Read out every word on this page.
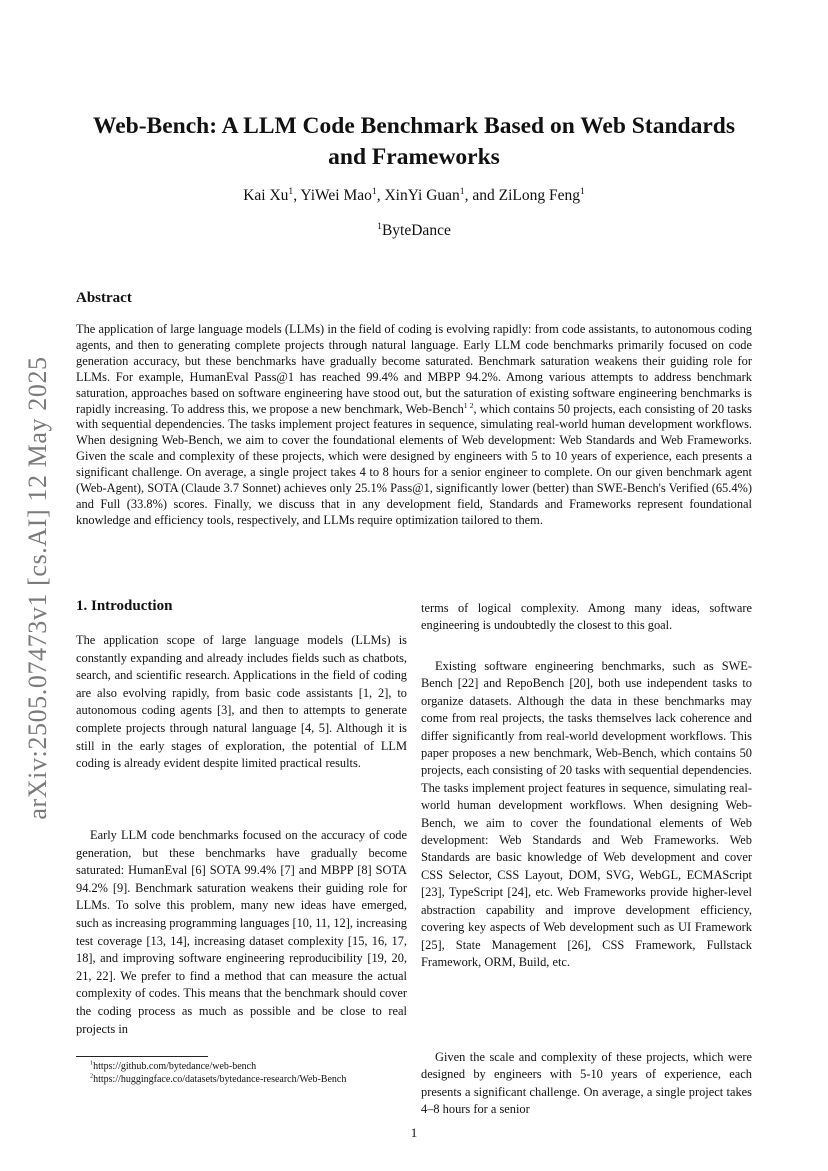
arXiv:2505.07473v1 [cs.AI] 12 May 2025
Web-Bench: A LLM Code Benchmark Based on Web Standards and Frameworks
Kai Xu$^1$, YiWei Mao$^1$, XinYi Guan$^1$, and ZiLong Feng$^1$
$^1$ByteDance
Abstract
The application of large language models (LLMs) in the field of coding is evolving rapidly: from code assistants, to autonomous coding agents, and then to generating complete projects through natural language. Early LLM code benchmarks primarily focused on code generation accuracy, but these benchmarks have gradually become saturated. Benchmark saturation weakens their guiding role for LLMs. For example, HumanEval Pass@1 has reached 99.4% and MBPP 94.2%. Among various attempts to address benchmark saturation, approaches based on software engineering have stood out, but the saturation of existing software engineering benchmarks is rapidly increasing. To address this, we propose a new benchmark, Web-Bench$^{1 2}$, which contains 50 projects, each consisting of 20 tasks with sequential dependencies. The tasks implement project features in sequence, simulating real-world human development workflows. When designing Web-Bench, we aim to cover the foundational elements of Web development: Web Standards and Web Frameworks. Given the scale and complexity of these projects, which were designed by engineers with 5 to 10 years of experience, each presents a significant challenge. On average, a single project takes 4 to 8 hours for a senior engineer to complete. On our given benchmark agent (Web-Agent), SOTA (Claude 3.7 Sonnet) achieves only 25.1% Pass@1, significantly lower (better) than SWE-Bench's Verified (65.4%) and Full (33.8%) scores. Finally, we discuss that in any development field, Standards and Frameworks represent foundational knowledge and efficiency tools, respectively, and LLMs require optimization tailored to them.
1. Introduction

The application scope of large language models (LLMs) is constantly expanding and already includes fields such as chatbots, search, and scientific research. Applications in the field of coding are also evolving rapidly, from basic code assistants [1, 2], to autonomous coding agents [3], and then to attempts to generate complete projects through natural language [4, 5]. Although it is still in the early stages of exploration, the potential of LLM coding is already evident despite limited practical results.

Early LLM code benchmarks focused on the accuracy of code generation, but these benchmarks have gradually become saturated: HumanEval [6] SOTA 99.4% [7] and MBPP [8] SOTA 94.2% [9]. Benchmark saturation weakens their guiding role for LLMs. To solve this problem, many new ideas have emerged, such as increasing programming languages [10, 11, 12], increasing test coverage [13, 14], increasing dataset complexity [15, 16, 17, 18], and improving software engineering reproducibility [19, 20, 21, 22]. We prefer to find a method that can measure the actual complexity of codes. This means that the benchmark should cover the coding process as much as possible and be close to real projects in

terms of logical complexity. Among many ideas, software engineering is undoubtedly the closest to this goal.

Existing software engineering benchmarks, such as SWE-Bench [22] and RepoBench [20], both use independent tasks to organize datasets. Although the data in these benchmarks may come from real projects, the tasks themselves lack coherence and differ significantly from real-world development workflows. This paper proposes a new benchmark, Web-Bench, which contains 50 projects, each consisting of 20 tasks with sequential dependencies. The tasks implement project features in sequence, simulating real-world human development workflows. When designing Web-Bench, we aim to cover the foundational elements of Web development: Web Standards and Web Frameworks. Web Standards are basic knowledge of Web development and cover CSS Selector, CSS Layout, DOM, SVG, WebGL, ECMAScript [23], TypeScript [24], etc. Web Frameworks provide higher-level abstraction capability and improve development efficiency, covering key aspects of Web development such as UI Framework [25], State Management [26], CSS Framework, Fullstack Framework, ORM, Build, etc.

Given the scale and complexity of these projects, which were designed by engineers with 5-10 years of experience, each presents a significant challenge. On average, a single project takes 4–8 hours for a senior

$^1$https://github.com/bytedance/web-bench
$^2$https://huggingface.co/datasets/bytedance-research/Web-Bench
1
